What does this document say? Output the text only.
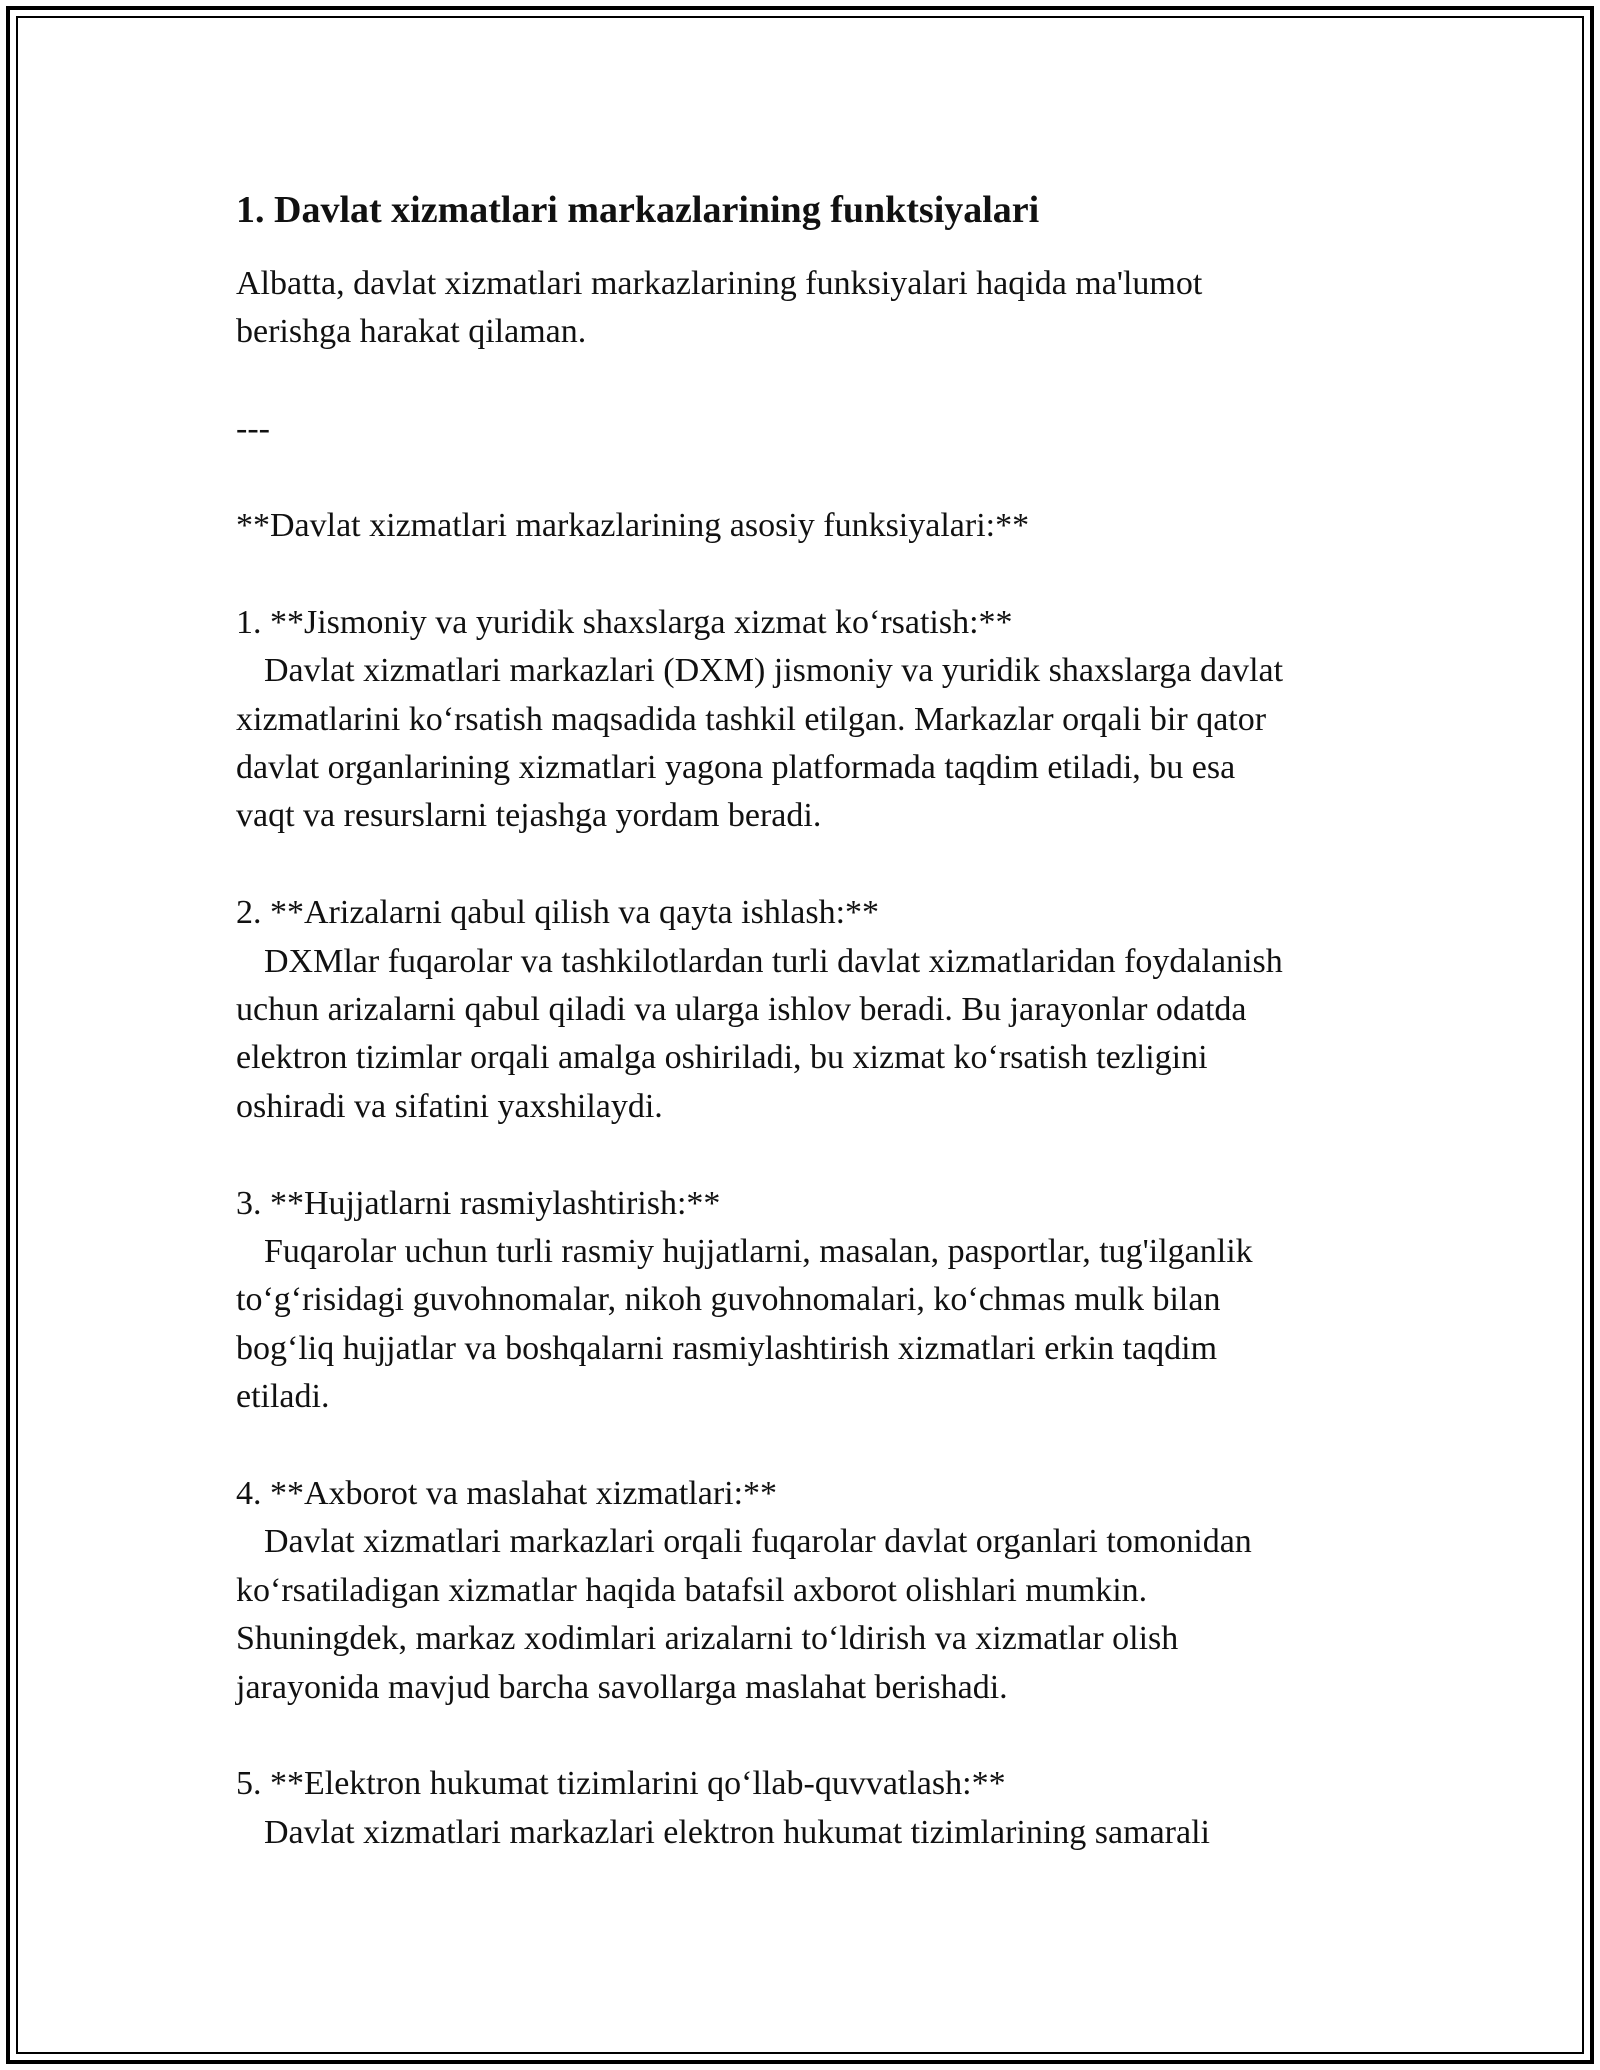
1. Davlat xizmatlari markazlarining funktsiyalari

Albatta, davlat xizmatlari markazlarining funksiyalari haqida ma'lumot

berishga harakat qilaman.

---

**Davlat xizmatlari markazlarining asosiy funksiyalari:**

1. **Jismoniy va yuridik shaxslarga xizmat ko‘rsatish:**

Davlat xizmatlari markazlari (DXM) jismoniy va yuridik shaxslarga davlat

xizmatlarini ko‘rsatish maqsadida tashkil etilgan. Markazlar orqali bir qator

davlat organlarining xizmatlari yagona platformada taqdim etiladi, bu esa

vaqt va resurslarni tejashga yordam beradi.

2. **Arizalarni qabul qilish va qayta ishlash:**

DXMlar fuqarolar va tashkilotlardan turli davlat xizmatlaridan foydalanish

uchun arizalarni qabul qiladi va ularga ishlov beradi. Bu jarayonlar odatda

elektron tizimlar orqali amalga oshiriladi, bu xizmat ko‘rsatish tezligini

oshiradi va sifatini yaxshilaydi.

3. **Hujjatlarni rasmiylashtirish:**

Fuqarolar uchun turli rasmiy hujjatlarni, masalan, pasportlar, tug'ilganlik

to‘g‘risidagi guvohnomalar, nikoh guvohnomalari, ko‘chmas mulk bilan

bog‘liq hujjatlar va boshqalarni rasmiylashtirish xizmatlari erkin taqdim

etiladi.

4. **Axborot va maslahat xizmatlari:**

Davlat xizmatlari markazlari orqali fuqarolar davlat organlari tomonidan

ko‘rsatiladigan xizmatlar haqida batafsil axborot olishlari mumkin.

Shuningdek, markaz xodimlari arizalarni to‘ldirish va xizmatlar olish

jarayonida mavjud barcha savollarga maslahat berishadi.

5. **Elektron hukumat tizimlarini qo‘llab-quvvatlash:**

Davlat xizmatlari markazlari elektron hukumat tizimlarining samarali
